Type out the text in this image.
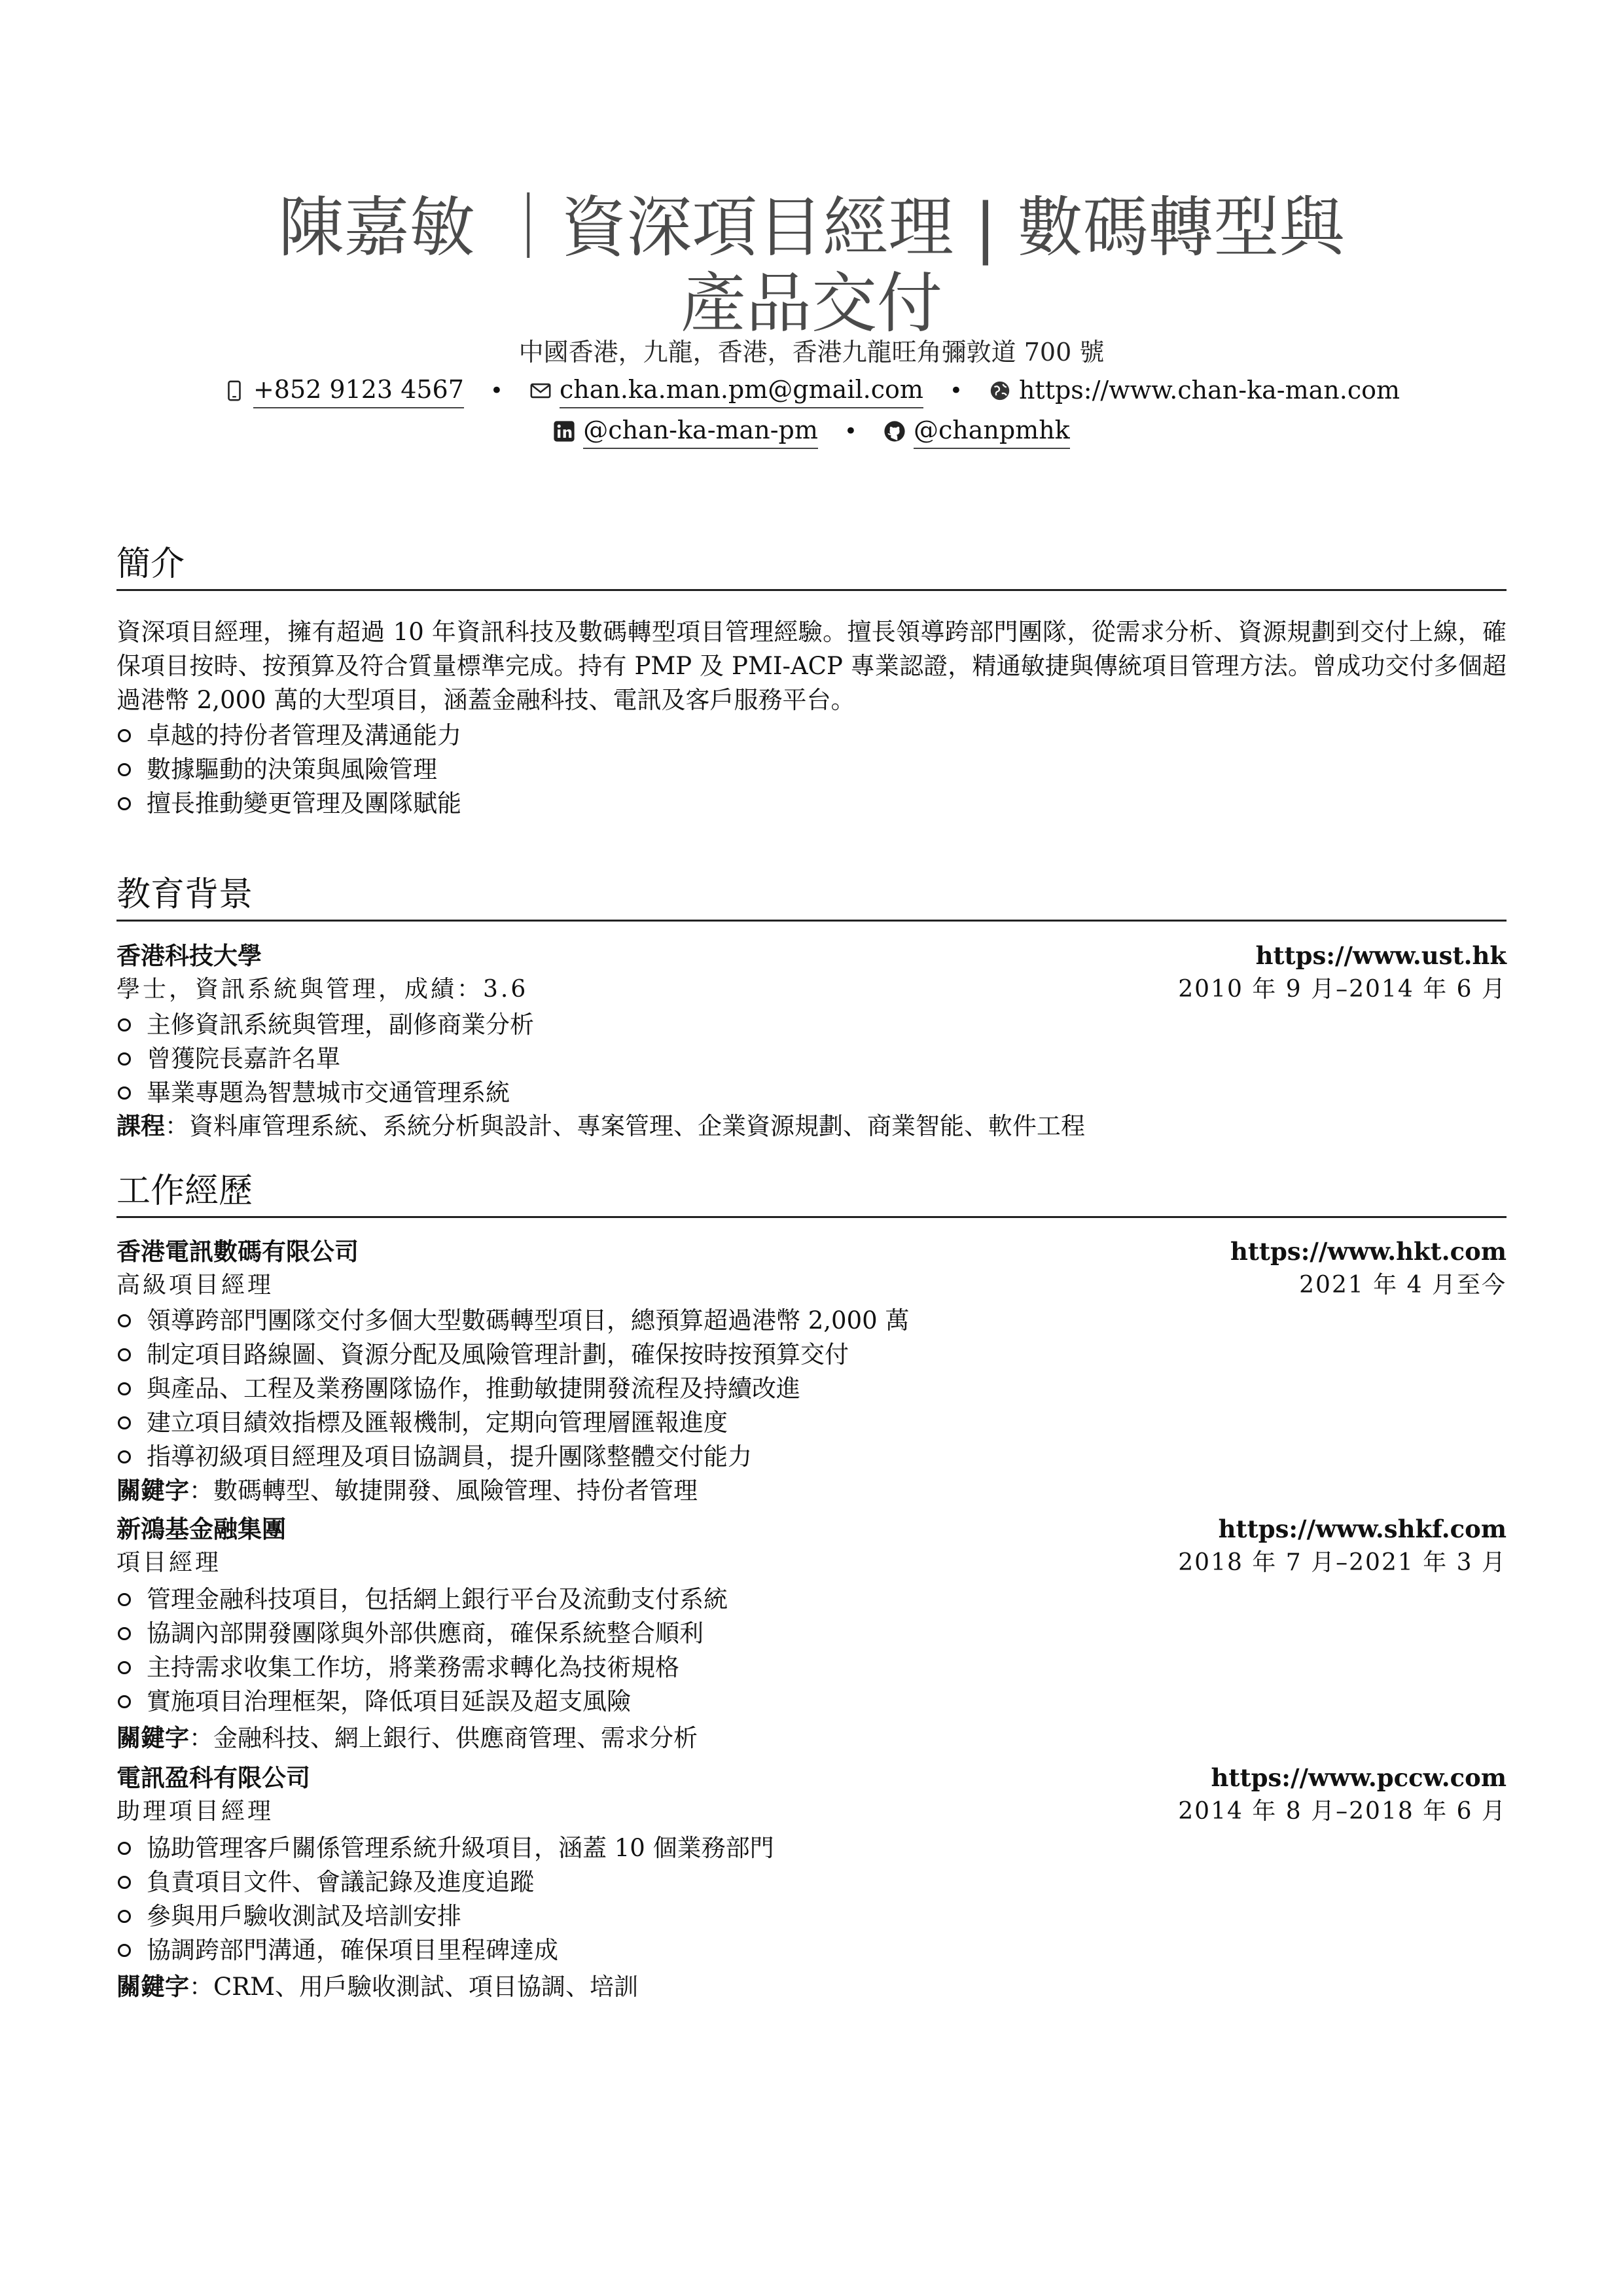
陳嘉敏 ｜資深項目經理 | 數碼轉型與
產品交付
中國香港，九龍，香港，香港九龍旺角彌敦道 700 號
+852 9123 4567 • chan.ka.man.pm@gmail.com • https://www.chan-ka-man.com
@chan-ka-man-pm • @chanpmhk
簡介
資深項目經理，擁有超過 10 年資訊科技及數碼轉型項目管理經驗。擅長領導跨部門團隊，從需求分析、資源規劃到交付上線，確保項目按時、按預算及符合質量標準完成。持有 PMP 及 PMI-ACP 專業認證，精通敏捷與傳統項目管理方法。曾成功交付多個超過港幣 2,000 萬的大型項目，涵蓋金融科技、電訊及客戶服務平台。
卓越的持份者管理及溝通能力
數據驅動的決策與風險管理
擅長推動變更管理及團隊賦能
教育背景
香港科技大學	https://www.ust.hk
學士，資訊系統與管理，成績：3.6	2010 年 9 月–2014 年 6 月
主修資訊系統與管理，副修商業分析
曾獲院長嘉許名單
畢業專題為智慧城市交通管理系統
課程：資料庫管理系統、系統分析與設計、專案管理、企業資源規劃、商業智能、軟件工程
工作經歷
香港電訊數碼有限公司	https://www.hkt.com
高級項目經理	2021 年 4 月至今
領導跨部門團隊交付多個大型數碼轉型項目，總預算超過港幣 2,000 萬
制定項目路線圖、資源分配及風險管理計劃，確保按時按預算交付
與產品、工程及業務團隊協作，推動敏捷開發流程及持續改進
建立項目績效指標及匯報機制，定期向管理層匯報進度
指導初級項目經理及項目協調員，提升團隊整體交付能力
關鍵字：數碼轉型、敏捷開發、風險管理、持份者管理
新鴻基金融集團	https://www.shkf.com
項目經理	2018 年 7 月–2021 年 3 月
管理金融科技項目，包括網上銀行平台及流動支付系統
協調內部開發團隊與外部供應商，確保系統整合順利
主持需求收集工作坊，將業務需求轉化為技術規格
實施項目治理框架，降低項目延誤及超支風險
關鍵字：金融科技、網上銀行、供應商管理、需求分析
電訊盈科有限公司	https://www.pccw.com
助理項目經理	2014 年 8 月–2018 年 6 月
協助管理客戶關係管理系統升級項目，涵蓋 10 個業務部門
負責項目文件、會議記錄及進度追蹤
參與用戶驗收測試及培訓安排
協調跨部門溝通，確保項目里程碑達成
關鍵字：CRM、用戶驗收測試、項目協調、培訓
